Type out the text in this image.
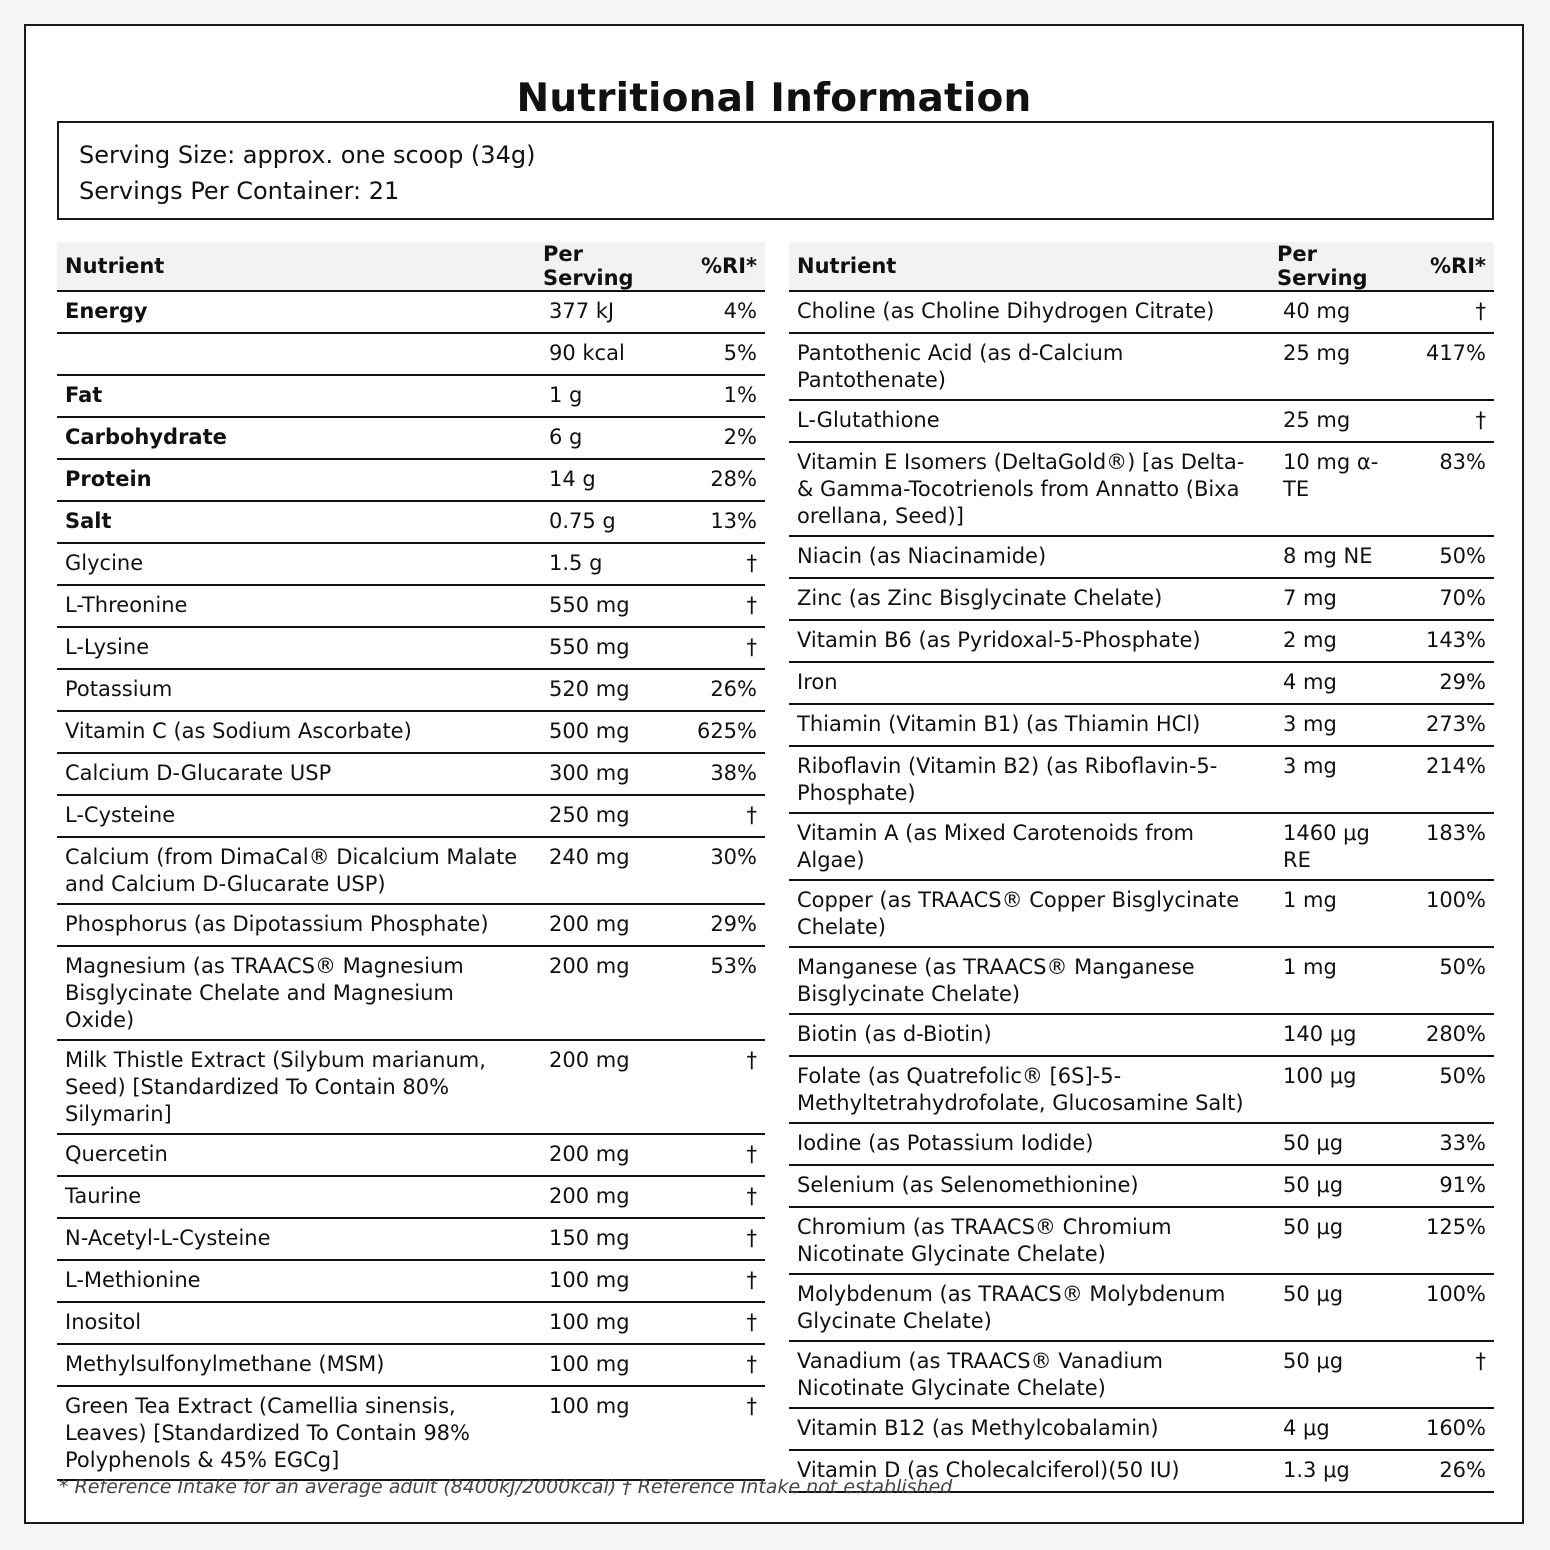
Nutritional Information
Serving Size: approx. one scoop (34g)
Servings Per Container: 21
Nutrient	Per Serving	%RI*
Energy	377 kJ	4%
	90 kcal	5%
Fat	1 g	1%
Carbohydrate	6 g	2%
Protein	14 g	28%
Salt	0.75 g	13%
Glycine	1.5 g	†
L-Threonine	550 mg	†
L-Lysine	550 mg	†
Potassium	520 mg	26%
Vitamin C (as Sodium Ascorbate)	500 mg	625%
Calcium D-Glucarate USP	300 mg	38%
L-Cysteine	250 mg	†
Calcium (from DimaCal® Dicalcium Malate and Calcium D-Glucarate USP)	240 mg	30%
Phosphorus (as Dipotassium Phosphate)	200 mg	29%
Magnesium (as TRAACS® Magnesium Bisglycinate Chelate and Magnesium Oxide)	200 mg	53%
Milk Thistle Extract (Silybum marianum, Seed) [Standardized To Contain 80% Silymarin]	200 mg	†
Quercetin	200 mg	†
Taurine	200 mg	†
N-Acetyl-L-Cysteine	150 mg	†
L-Methionine	100 mg	†
Inositol	100 mg	†
Methylsulfonylmethane (MSM)	100 mg	†
Green Tea Extract (Camellia sinensis, Leaves) [Standardized To Contain 98% Polyphenols & 45% EGCg]	100 mg	†
Nutrient	Per Serving	%RI*
Choline (as Choline Dihydrogen Citrate)	40 mg	†
Pantothenic Acid (as d-Calcium Pantothenate)	25 mg	417%
L-Glutathione	25 mg	†
Vitamin E Isomers (DeltaGold®) [as Delta- & Gamma-Tocotrienols from Annatto (Bixa orellana, Seed)]	10 mg α-TE	83%
Niacin (as Niacinamide)	8 mg NE	50%
Zinc (as Zinc Bisglycinate Chelate)	7 mg	70%
Vitamin B6 (as Pyridoxal-5-Phosphate)	2 mg	143%
Iron	4 mg	29%
Thiamin (Vitamin B1) (as Thiamin HCl)	3 mg	273%
Riboflavin (Vitamin B2) (as Riboflavin-5-Phosphate)	3 mg	214%
Vitamin A (as Mixed Carotenoids from Algae)	1460 μg RE	183%
Copper (as TRAACS® Copper Bisglycinate Chelate)	1 mg	100%
Manganese (as TRAACS® Manganese Bisglycinate Chelate)	1 mg	50%
Biotin (as d-Biotin)	140 μg	280%
Folate (as Quatrefolic® [6S]-5-Methyltetrahydrofolate, Glucosamine Salt)	100 μg	50%
Iodine (as Potassium Iodide)	50 μg	33%
Selenium (as Selenomethionine)	50 μg	91%
Chromium (as TRAACS® Chromium Nicotinate Glycinate Chelate)	50 μg	125%
Molybdenum (as TRAACS® Molybdenum Glycinate Chelate)	50 μg	100%
Vanadium (as TRAACS® Vanadium Nicotinate Glycinate Chelate)	50 μg	†
Vitamin B12 (as Methylcobalamin)	4 μg	160%
Vitamin D (as Cholecalciferol)(50 IU)	1.3 μg	26%
* Reference Intake for an average adult (8400kJ/2000kcal) † Reference Intake not established
